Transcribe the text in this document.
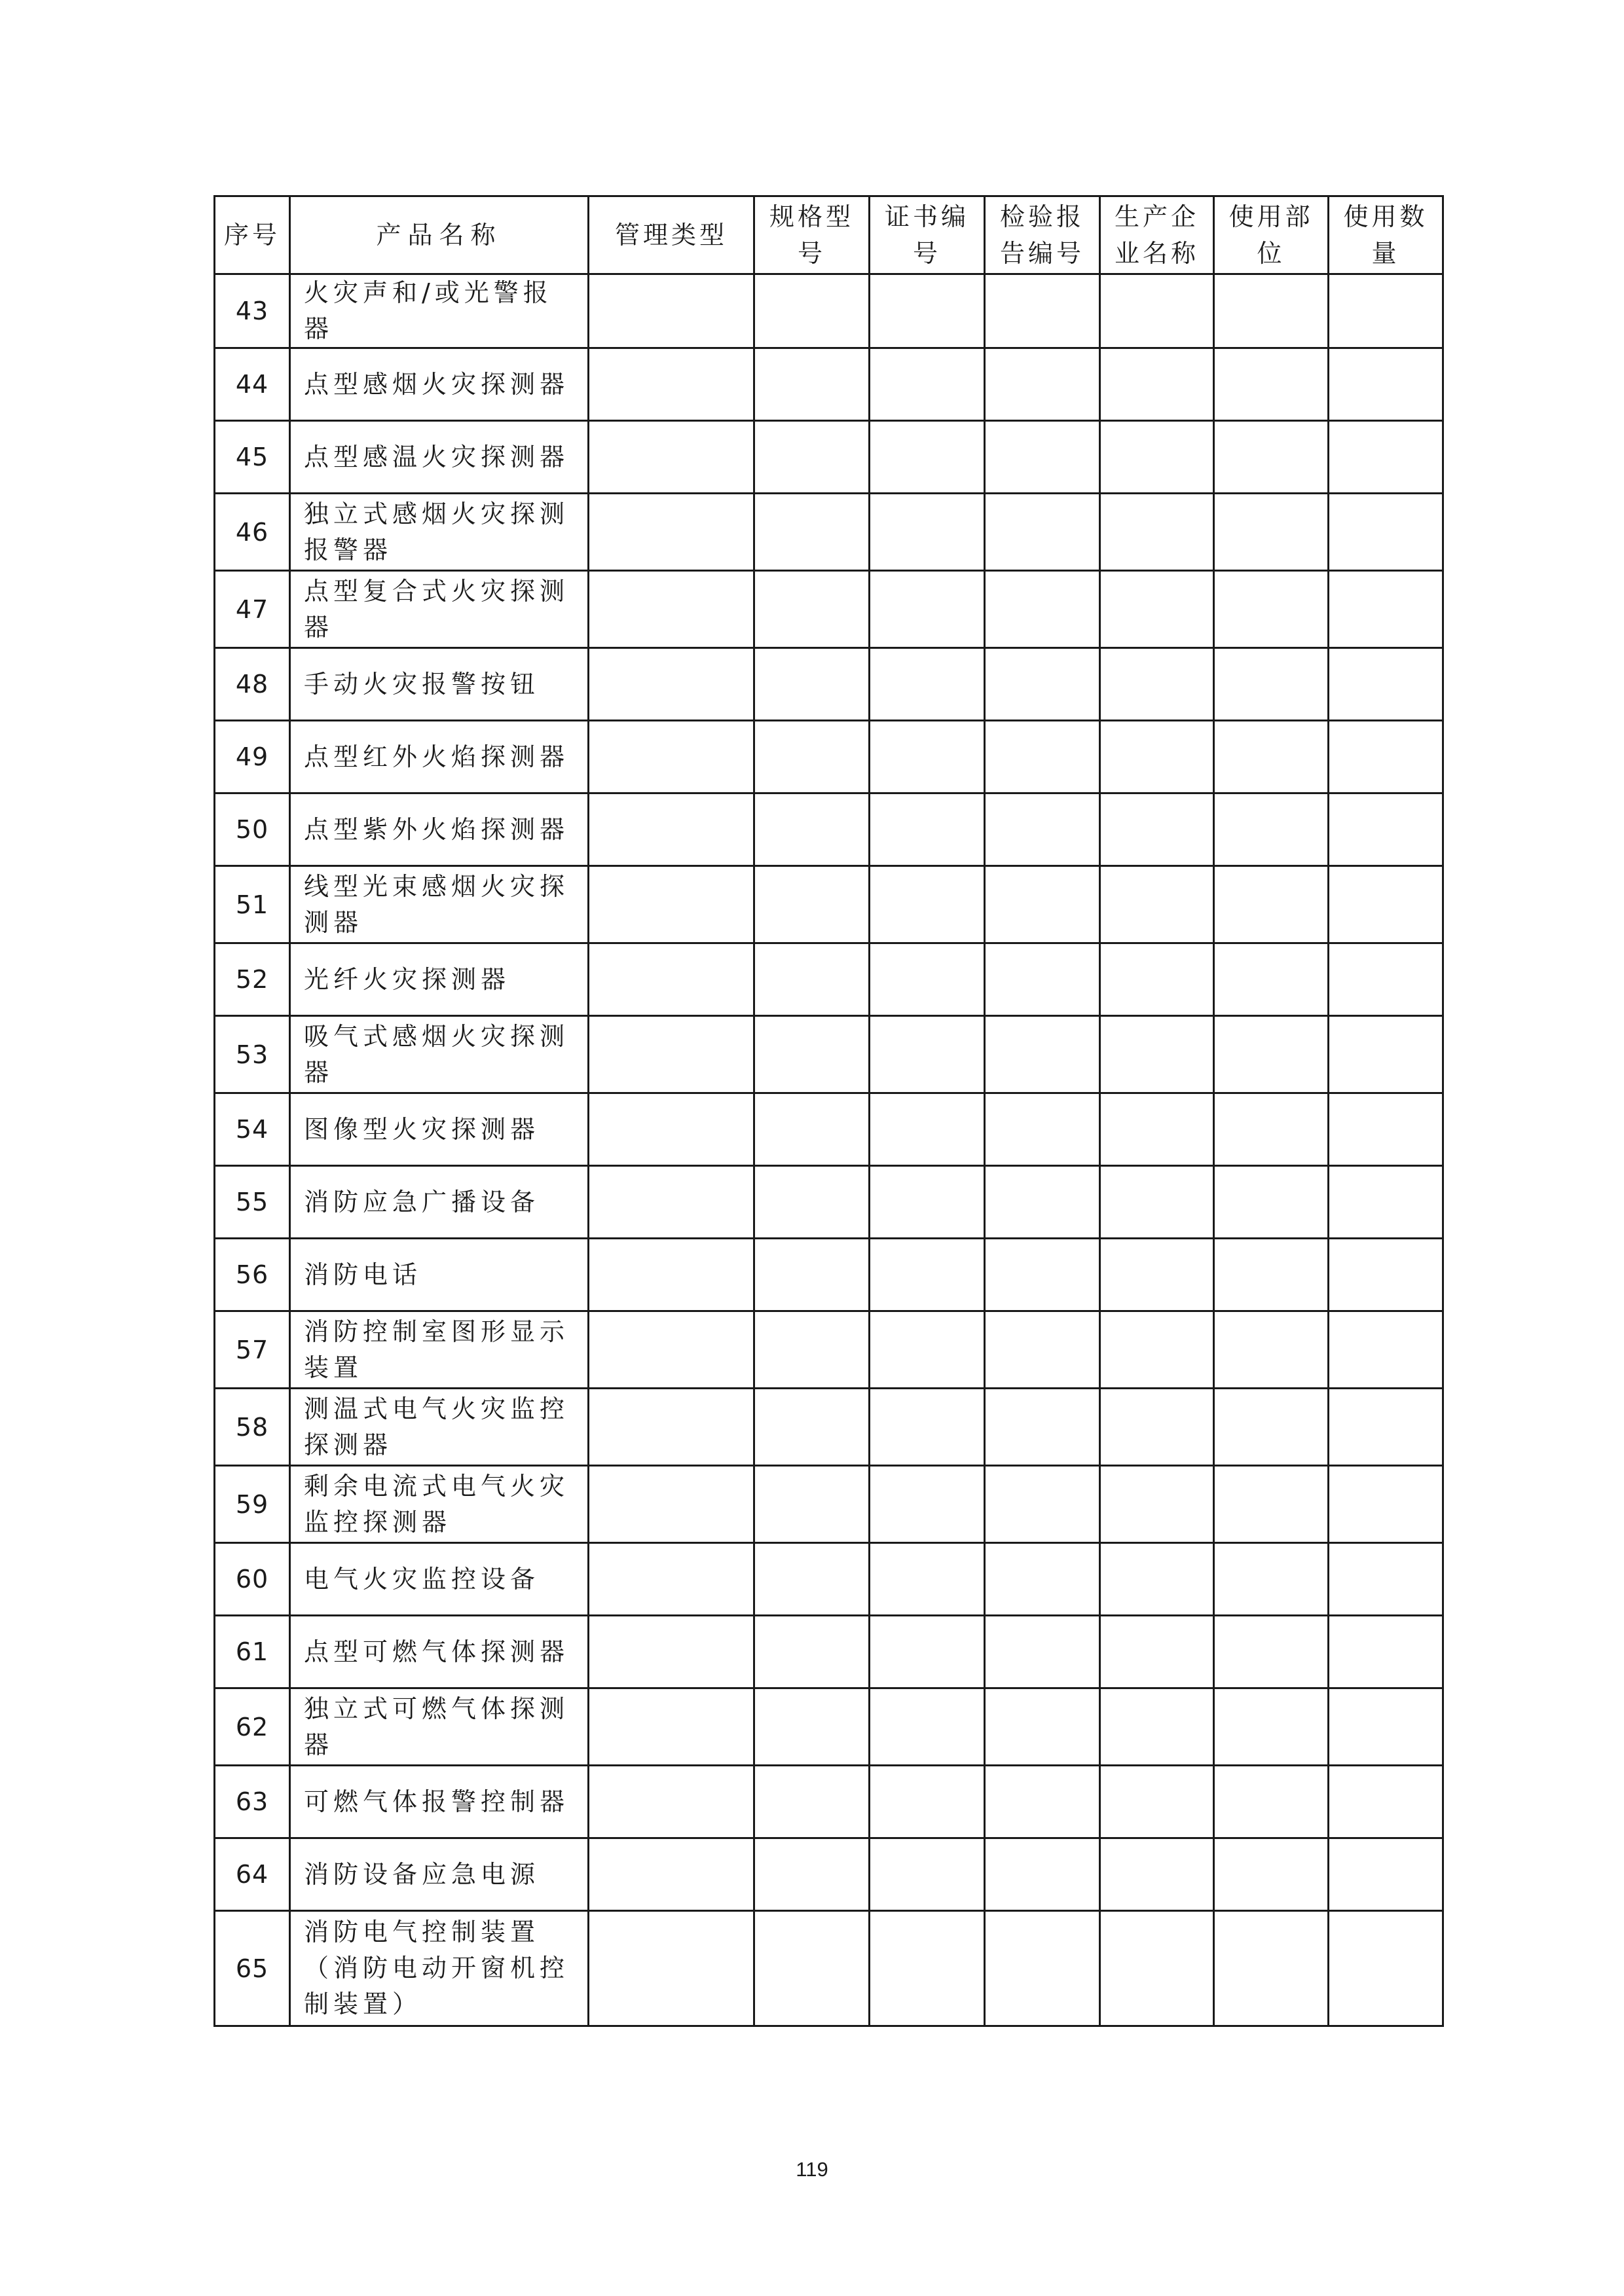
序号	产品名称	管理类型	规格型号	证书编号	检验报告编号	生产企业名称	使用部位	使用数量
43	火灾声和/或光警报器							
44	点型感烟火灾探测器							
45	点型感温火灾探测器							
46	独立式感烟火灾探测报警器							
47	点型复合式火灾探测器							
48	手动火灾报警按钮							
49	点型红外火焰探测器							
50	点型紫外火焰探测器							
51	线型光束感烟火灾探测器							
52	光纤火灾探测器							
53	吸气式感烟火灾探测器							
54	图像型火灾探测器							
55	消防应急广播设备							
56	消防电话							
57	消防控制室图形显示装置							
58	测温式电气火灾监控探测器							
59	剩余电流式电气火灾监控探测器							
60	电气火灾监控设备							
61	点型可燃气体探测器							
62	独立式可燃气体探测器							
63	可燃气体报警控制器							
64	消防设备应急电源							
65	消防电气控制装置（消防电动开窗机控制装置）							
119
